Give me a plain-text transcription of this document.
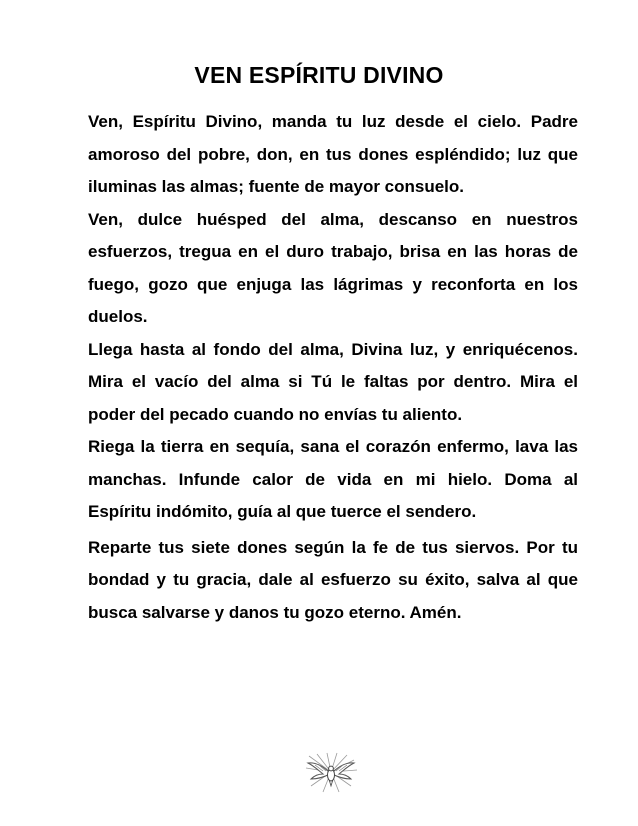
VEN ESPÍRITU DIVINO

Ven, Espíritu Divino, manda tu luz desde el cielo. Padre amoroso del pobre, don, en tus dones espléndido; luz que iluminas las almas; fuente de mayor consuelo.

Ven, dulce huésped del alma, descanso en nuestros esfuerzos, tregua en el duro trabajo, brisa en las horas de fuego, gozo que enjuga las lágrimas y reconforta en los duelos.

Llega hasta al fondo del alma, Divina luz, y enriquécenos. Mira el vacío del alma si Tú le faltas por dentro. Mira el poder del pecado cuando no envías tu aliento.

Riega la tierra en sequía, sana el corazón enfermo, lava las manchas. Infunde calor de vida en mi hielo. Doma al Espíritu indómito, guía al que tuerce el sendero.

Reparte tus siete dones según la fe de tus siervos. Por tu bondad y tu gracia, dale al esfuerzo su éxito, salva al que busca salvarse y danos tu gozo eterno. Amén.
